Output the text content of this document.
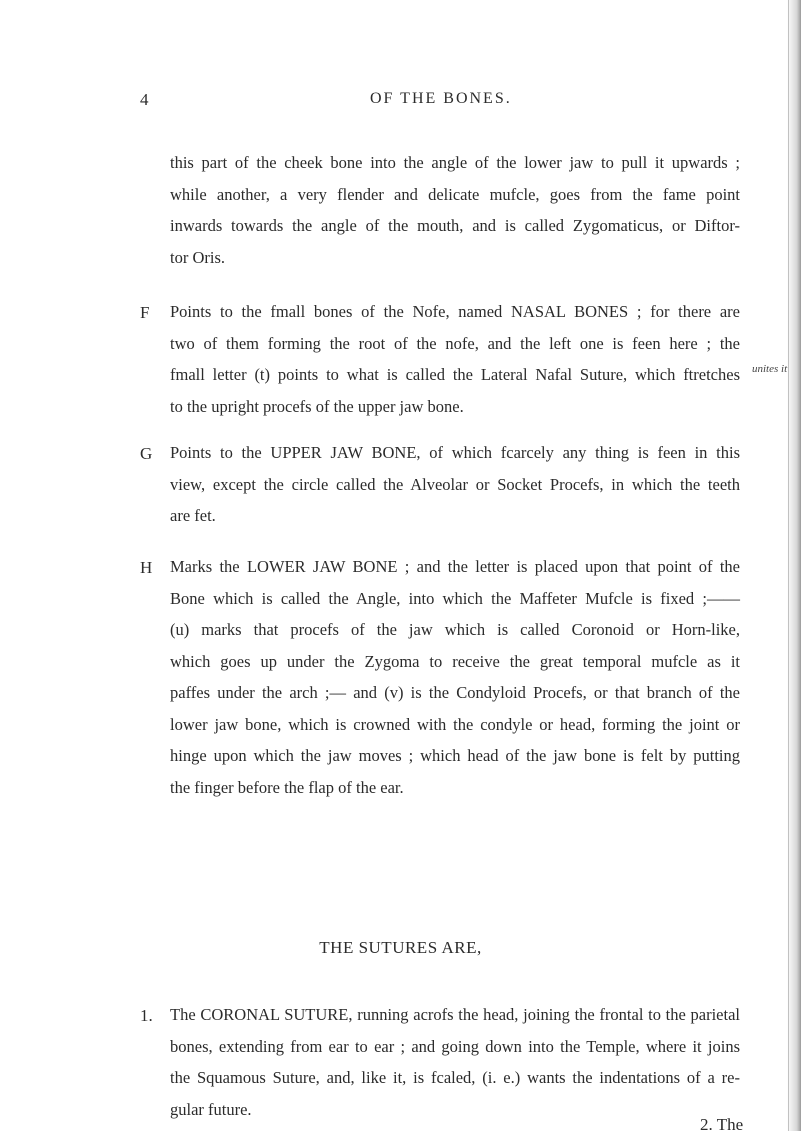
4	OF THE BONES.
this part of the cheek bone into the angle of the lower jaw to pull it upwards ;
while another, a very flender and delicate mufcle, goes from the fame point
inwards towards the angle of the mouth, and is called Zygomaticus, or Diftor-
tor Oris.
F Points to the fmall bones of the Nofe, named NASAL BONES ; for there are
two of them forming the root of the nofe, and the left one is feen here ; the
fmall letter (t) points to what is called the Lateral Nafal Suture, which ftretches
to the upright procefs of the upper jaw bone.
unites it
G Points to the UPPER JAW BONE, of which fcarcely any thing is feen in this
view, except the circle called the Alveolar or Socket Procefs, in which the teeth
are fet.
H Marks the LOWER JAW BONE ; and the letter is placed upon that point of the
Bone which is called the Angle, into which the Maffeter Mufcle is fixed ;——
(u) marks that procefs of the jaw which is called Coronoid or Horn-like,
which goes up under the Zygoma to receive the great temporal mufcle as it
paffes under the arch ;— and (v) is the Condyloid Procefs, or that branch of the
lower jaw bone, which is crowned with the condyle or head, forming the joint or
hinge upon which the jaw moves ; which head of the jaw bone is felt by putting
the finger before the flap of the ear.
THE SUTURES ARE,
1. The CORONAL SUTURE, running acrofs the head, joining the frontal to the parietal
bones, extending from ear to ear ; and going down into the Temple, where it joins
the Squamous Suture, and, like it, is fcaled, (i. e.) wants the indentations of a re-
gular future.
2. The
